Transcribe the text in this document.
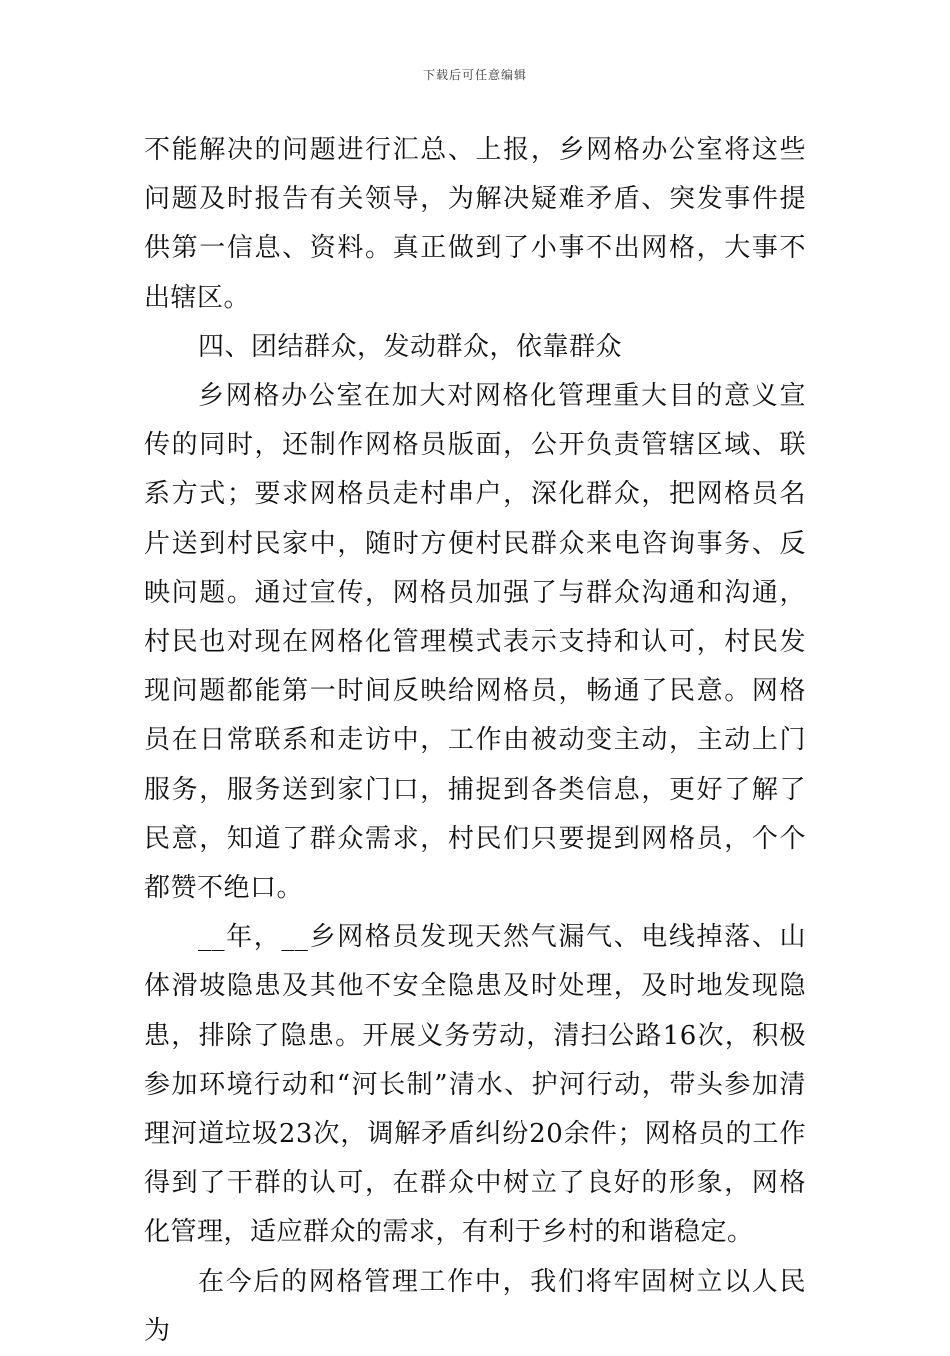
下载后可任意编辑

不能解决的问题进行汇总、上报，乡网格办公室将这些问题及时报告有关领导，为解决疑难矛盾、突发事件提供第一信息、资料。真正做到了小事不出网格，大事不出辖区。

四、团结群众，发动群众，依靠群众

乡网格办公室在加大对网格化管理重大目的意义宣传的同时，还制作网格员版面，公开负责管辖区域、联系方式；要求网格员走村串户，深化群众，把网格员名片送到村民家中，随时方便村民群众来电咨询事务、反映问题。通过宣传，网格员加强了与群众沟通和沟通，村民也对现在网格化管理模式表示支持和认可，村民发现问题都能第一时间反映给网格员，畅通了民意。网格员在日常联系和走访中，工作由被动变主动，主动上门服务，服务送到家门口，捕捉到各类信息，更好了解了民意，知道了群众需求，村民们只要提到网格员，个个都赞不绝口。

__年，__乡网格员发现天然气漏气、电线掉落、山体滑坡隐患及其他不安全隐患及时处理，及时地发现隐患，排除了隐患。开展义务劳动，清扫公路16次，积极参加环境行动和“河长制”清水、护河行动，带头参加清理河道垃圾23次，调解矛盾纠纷20余件；网格员的工作得到了干群的认可，在群众中树立了良好的形象，网格化管理，适应群众的需求，有利于乡村的和谐稳定。

在今后的网格管理工作中，我们将牢固树立以人民为
